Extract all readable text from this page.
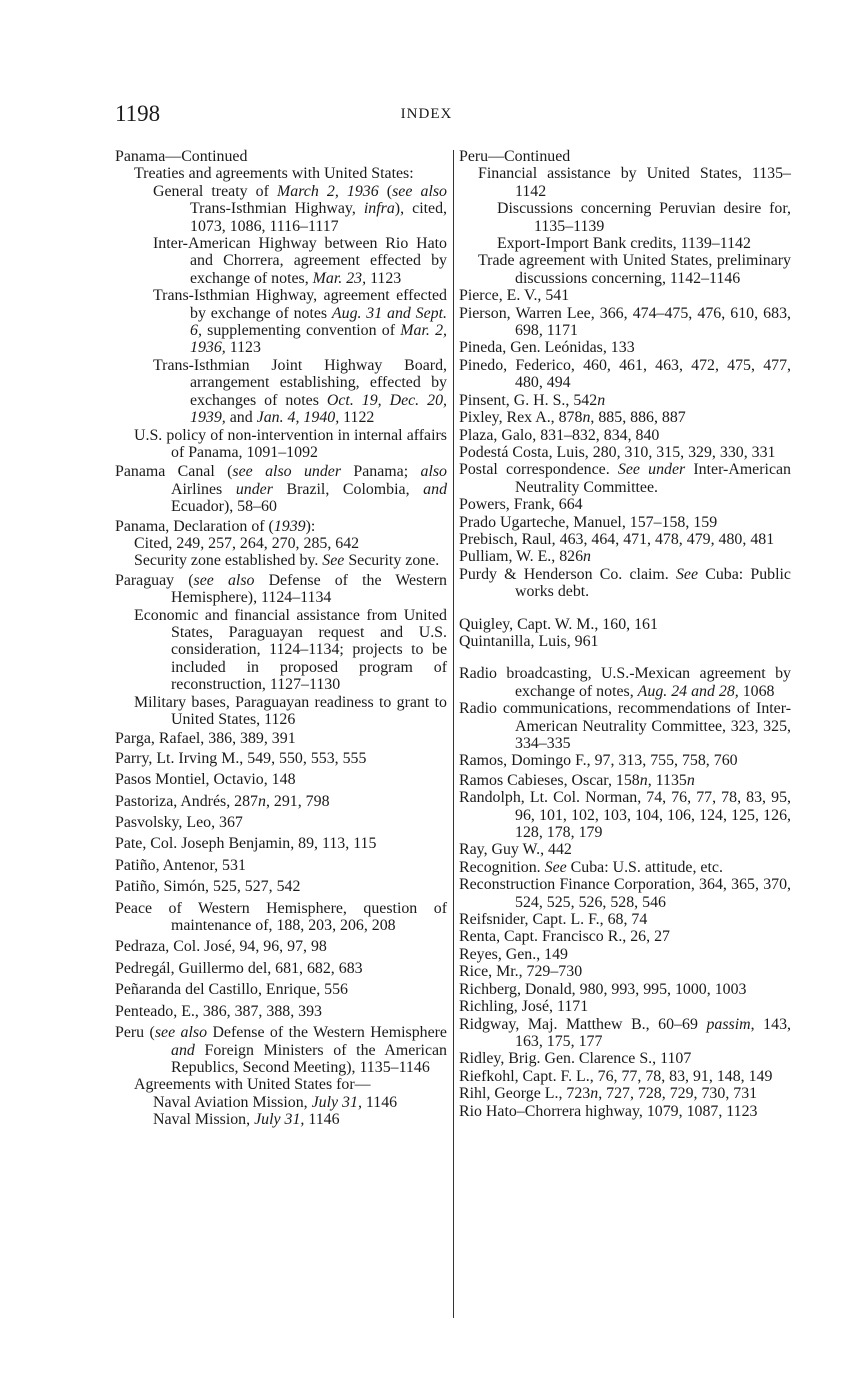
1198	INDEX

Panama—Continued

Treaties and agreements with United States:

General treaty of March 2, 1936 (see also Trans-Isthmian Highway, infra), cited, 1073, 1086, 1116–1117

Inter-American Highway between Rio Hato and Chorrera, agreement effected by exchange of notes, Mar. 23, 1123

Trans-Isthmian Highway, agreement effected by exchange of notes Aug. 31 and Sept. 6, supplementing convention of Mar. 2, 1936, 1123

Trans-Isthmian Joint Highway Board, arrangement establishing, effected by exchanges of notes Oct. 19, Dec. 20, 1939, and Jan. 4, 1940, 1122

U.S. policy of non-intervention in internal affairs of Panama, 1091–1092

Panama Canal (see also under Panama; also Airlines under Brazil, Colombia, and Ecuador), 58–60

Panama, Declaration of (1939):

Cited, 249, 257, 264, 270, 285, 642

Security zone established by. See Security zone.

Paraguay (see also Defense of the Western Hemisphere), 1124–1134

Economic and financial assistance from United States, Paraguayan request and U.S. consideration, 1124–1134; projects to be included in proposed program of reconstruction, 1127–1130

Military bases, Paraguayan readiness to grant to United States, 1126

Parga, Rafael, 386, 389, 391

Parry, Lt. Irving M., 549, 550, 553, 555

Pasos Montiel, Octavio, 148

Pastoriza, Andrés, 287n, 291, 798

Pasvolsky, Leo, 367

Pate, Col. Joseph Benjamin, 89, 113, 115

Patiño, Antenor, 531

Patiño, Simón, 525, 527, 542

Peace of Western Hemisphere, question of maintenance of, 188, 203, 206, 208

Pedraza, Col. José, 94, 96, 97, 98

Pedregál, Guillermo del, 681, 682, 683

Peñaranda del Castillo, Enrique, 556

Penteado, E., 386, 387, 388, 393

Peru (see also Defense of the Western Hemisphere and Foreign Ministers of the American Republics, Second Meeting), 1135–1146

Agreements with United States for—

Naval Aviation Mission, July 31, 1146

Naval Mission, July 31, 1146

Peru—Continued

Financial assistance by United States, 1135–1142

Discussions concerning Peruvian desire for, 1135–1139

Export-Import Bank credits, 1139–1142

Trade agreement with United States, preliminary discussions concerning, 1142–1146

Pierce, E. V., 541

Pierson, Warren Lee, 366, 474–475, 476, 610, 683, 698, 1171

Pineda, Gen. Leónidas, 133

Pinedo, Federico, 460, 461, 463, 472, 475, 477, 480, 494

Pinsent, G. H. S., 542n

Pixley, Rex A., 878n, 885, 886, 887

Plaza, Galo, 831–832, 834, 840

Podestá Costa, Luis, 280, 310, 315, 329, 330, 331

Postal correspondence. See under Inter-American Neutrality Committee.

Powers, Frank, 664

Prado Ugarteche, Manuel, 157–158, 159

Prebisch, Raul, 463, 464, 471, 478, 479, 480, 481

Pulliam, W. E., 826n

Purdy & Henderson Co. claim. See Cuba: Public works debt.

Quigley, Capt. W. M., 160, 161

Quintanilla, Luis, 961

Radio broadcasting, U.S.-Mexican agreement by exchange of notes, Aug. 24 and 28, 1068

Radio communications, recommendations of Inter-American Neutrality Committee, 323, 325, 334–335

Ramos, Domingo F., 97, 313, 755, 758, 760

Ramos Cabieses, Oscar, 158n, 1135n

Randolph, Lt. Col. Norman, 74, 76, 77, 78, 83, 95, 96, 101, 102, 103, 104, 106, 124, 125, 126, 128, 178, 179

Ray, Guy W., 442

Recognition. See Cuba: U.S. attitude, etc.

Reconstruction Finance Corporation, 364, 365, 370, 524, 525, 526, 528, 546

Reifsnider, Capt. L. F., 68, 74

Renta, Capt. Francisco R., 26, 27

Reyes, Gen., 149

Rice, Mr., 729–730

Richberg, Donald, 980, 993, 995, 1000, 1003

Richling, José, 1171

Ridgway, Maj. Matthew B., 60–69 passim, 143, 163, 175, 177

Ridley, Brig. Gen. Clarence S., 1107

Riefkohl, Capt. F. L., 76, 77, 78, 83, 91, 148, 149

Rihl, George L., 723n, 727, 728, 729, 730, 731

Rio Hato–Chorrera highway, 1079, 1087, 1123
